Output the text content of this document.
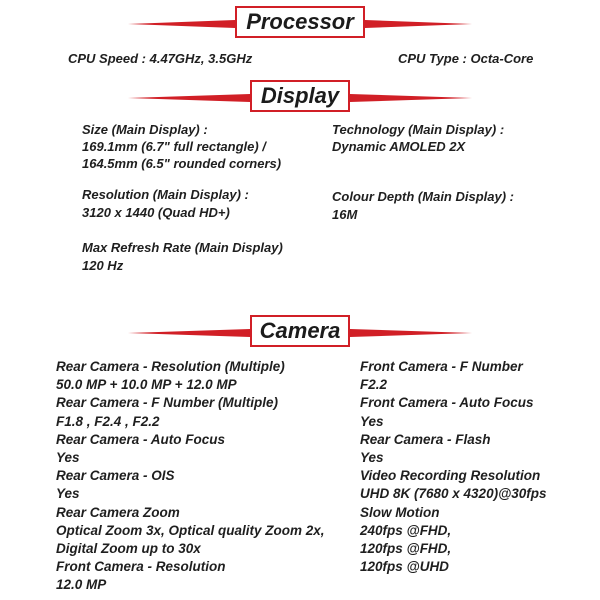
Processor
CPU Speed : 4.47GHz, 3.5GHz	CPU Type : Octa-Core
Display
Size (Main Display) :
169.1mm (6.7" full rectangle) /
164.5mm (6.5" rounded corners)
Resolution (Main Display) :
3120 x 1440 (Quad HD+)
Max Refresh Rate (Main Display)
120 Hz
Technology (Main Display) :
Dynamic AMOLED 2X
Colour Depth (Main Display) :
16M
Camera
Rear Camera - Resolution (Multiple)
50.0 MP + 10.0 MP + 12.0 MP
Rear Camera - F Number (Multiple)
F1.8 , F2.4 , F2.2
Rear Camera - Auto Focus
Yes
Rear Camera - OIS
Yes
Rear Camera Zoom
Optical Zoom 3x, Optical quality Zoom 2x,
Digital Zoom up to 30x
Front Camera - Resolution
12.0 MP
Front Camera - F Number
F2.2
Front Camera - Auto Focus
Yes
Rear Camera - Flash
Yes
Video Recording Resolution
UHD 8K (7680 x 4320)@30fps
Slow Motion
240fps @FHD,
120fps @FHD,
120fps @UHD
